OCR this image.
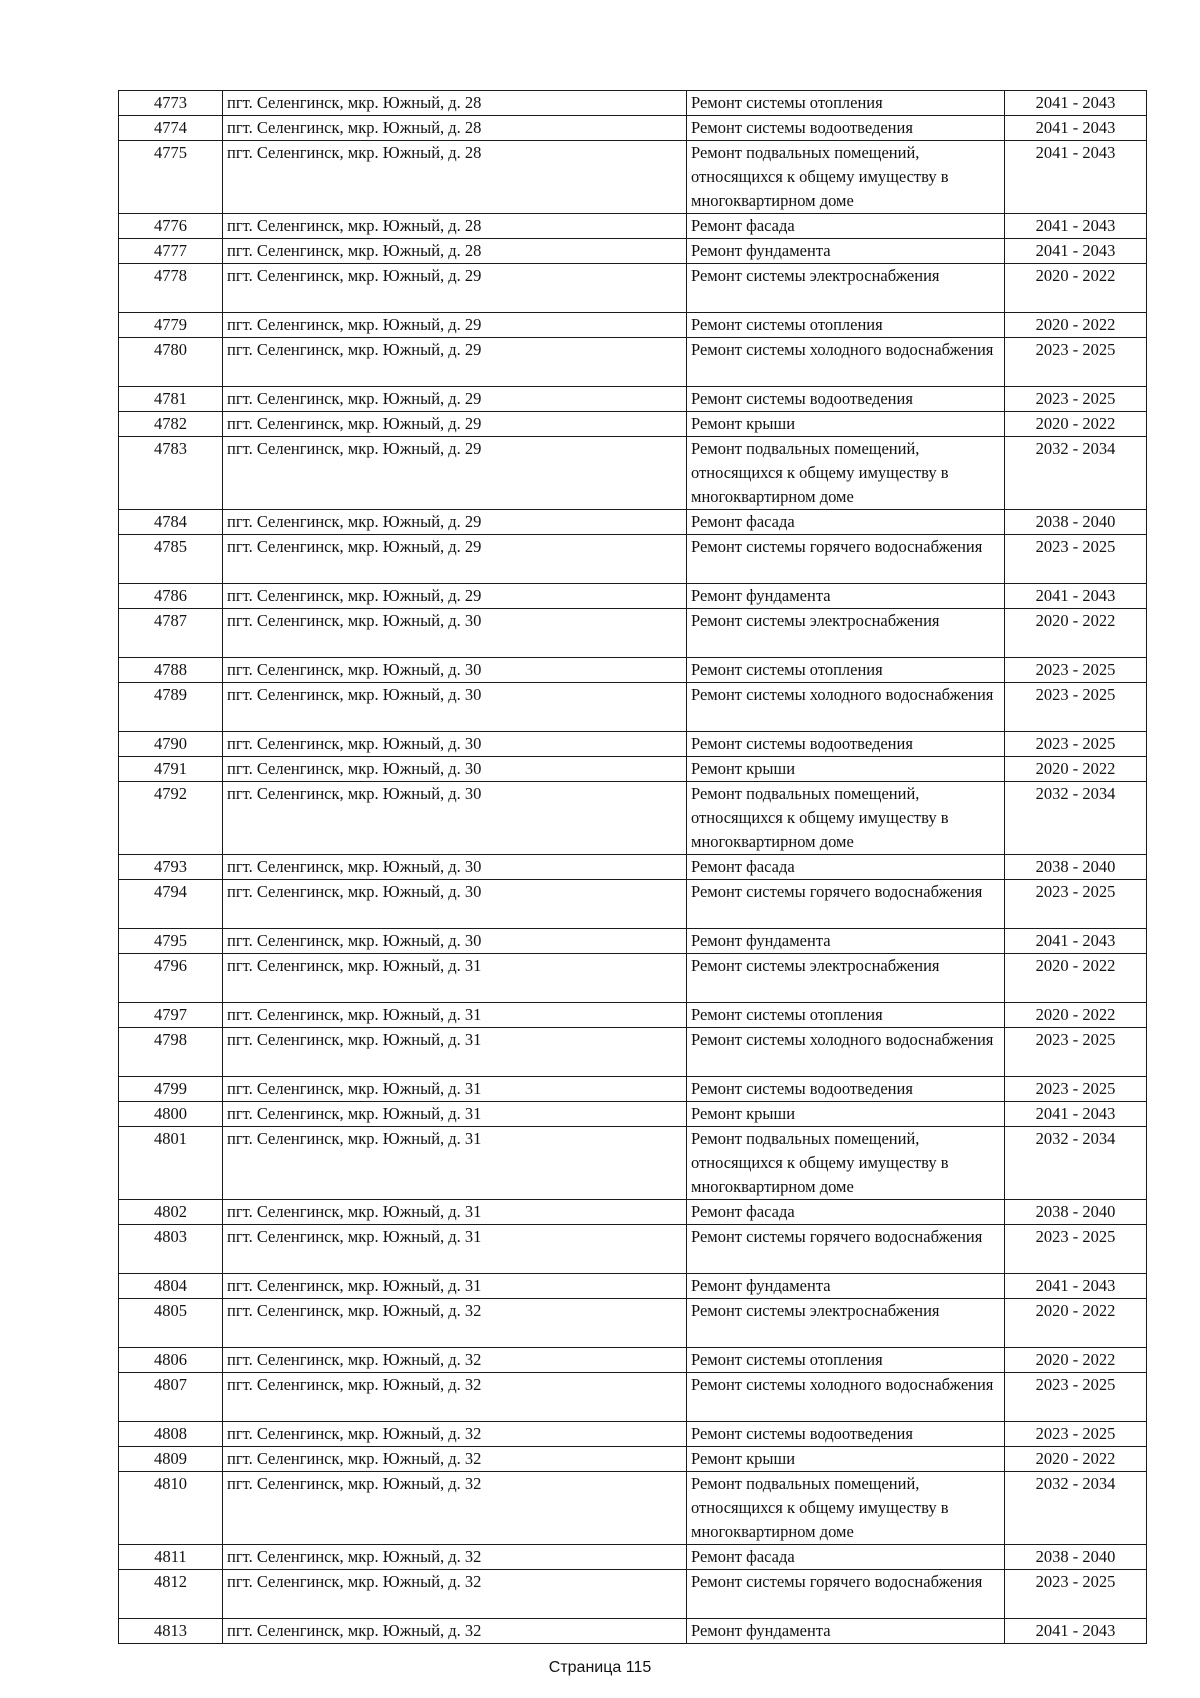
4773	пгт. Селенгинск, мкр. Южный, д. 28	Ремонт системы отопления	2041 - 2043
4774	пгт. Селенгинск, мкр. Южный, д. 28	Ремонт системы водоотведения	2041 - 2043
4775	пгт. Селенгинск, мкр. Южный, д. 28	Ремонт подвальных помещений, относящихся к общему имуществу в многоквартирном доме	2041 - 2043
4776	пгт. Селенгинск, мкр. Южный, д. 28	Ремонт фасада	2041 - 2043
4777	пгт. Селенгинск, мкр. Южный, д. 28	Ремонт фундамента	2041 - 2043
4778	пгт. Селенгинск, мкр. Южный, д. 29	Ремонт системы электроснабжения	2020 - 2022
4779	пгт. Селенгинск, мкр. Южный, д. 29	Ремонт системы отопления	2020 - 2022
4780	пгт. Селенгинск, мкр. Южный, д. 29	Ремонт системы холодного водоснабжения	2023 - 2025
4781	пгт. Селенгинск, мкр. Южный, д. 29	Ремонт системы водоотведения	2023 - 2025
4782	пгт. Селенгинск, мкр. Южный, д. 29	Ремонт крыши	2020 - 2022
4783	пгт. Селенгинск, мкр. Южный, д. 29	Ремонт подвальных помещений, относящихся к общему имуществу в многоквартирном доме	2032 - 2034
4784	пгт. Селенгинск, мкр. Южный, д. 29	Ремонт фасада	2038 - 2040
4785	пгт. Селенгинск, мкр. Южный, д. 29	Ремонт системы горячего водоснабжения	2023 - 2025
4786	пгт. Селенгинск, мкр. Южный, д. 29	Ремонт фундамента	2041 - 2043
4787	пгт. Селенгинск, мкр. Южный, д. 30	Ремонт системы электроснабжения	2020 - 2022
4788	пгт. Селенгинск, мкр. Южный, д. 30	Ремонт системы отопления	2023 - 2025
4789	пгт. Селенгинск, мкр. Южный, д. 30	Ремонт системы холодного водоснабжения	2023 - 2025
4790	пгт. Селенгинск, мкр. Южный, д. 30	Ремонт системы водоотведения	2023 - 2025
4791	пгт. Селенгинск, мкр. Южный, д. 30	Ремонт крыши	2020 - 2022
4792	пгт. Селенгинск, мкр. Южный, д. 30	Ремонт подвальных помещений, относящихся к общему имуществу в многоквартирном доме	2032 - 2034
4793	пгт. Селенгинск, мкр. Южный, д. 30	Ремонт фасада	2038 - 2040
4794	пгт. Селенгинск, мкр. Южный, д. 30	Ремонт системы горячего водоснабжения	2023 - 2025
4795	пгт. Селенгинск, мкр. Южный, д. 30	Ремонт фундамента	2041 - 2043
4796	пгт. Селенгинск, мкр. Южный, д. 31	Ремонт системы электроснабжения	2020 - 2022
4797	пгт. Селенгинск, мкр. Южный, д. 31	Ремонт системы отопления	2020 - 2022
4798	пгт. Селенгинск, мкр. Южный, д. 31	Ремонт системы холодного водоснабжения	2023 - 2025
4799	пгт. Селенгинск, мкр. Южный, д. 31	Ремонт системы водоотведения	2023 - 2025
4800	пгт. Селенгинск, мкр. Южный, д. 31	Ремонт крыши	2041 - 2043
4801	пгт. Селенгинск, мкр. Южный, д. 31	Ремонт подвальных помещений, относящихся к общему имуществу в многоквартирном доме	2032 - 2034
4802	пгт. Селенгинск, мкр. Южный, д. 31	Ремонт фасада	2038 - 2040
4803	пгт. Селенгинск, мкр. Южный, д. 31	Ремонт системы горячего водоснабжения	2023 - 2025
4804	пгт. Селенгинск, мкр. Южный, д. 31	Ремонт фундамента	2041 - 2043
4805	пгт. Селенгинск, мкр. Южный, д. 32	Ремонт системы электроснабжения	2020 - 2022
4806	пгт. Селенгинск, мкр. Южный, д. 32	Ремонт системы отопления	2020 - 2022
4807	пгт. Селенгинск, мкр. Южный, д. 32	Ремонт системы холодного водоснабжения	2023 - 2025
4808	пгт. Селенгинск, мкр. Южный, д. 32	Ремонт системы водоотведения	2023 - 2025
4809	пгт. Селенгинск, мкр. Южный, д. 32	Ремонт крыши	2020 - 2022
4810	пгт. Селенгинск, мкр. Южный, д. 32	Ремонт подвальных помещений, относящихся к общему имуществу в многоквартирном доме	2032 - 2034
4811	пгт. Селенгинск, мкр. Южный, д. 32	Ремонт фасада	2038 - 2040
4812	пгт. Селенгинск, мкр. Южный, д. 32	Ремонт системы горячего водоснабжения	2023 - 2025
4813	пгт. Селенгинск, мкр. Южный, д. 32	Ремонт фундамента	2041 - 2043
Страница 115
